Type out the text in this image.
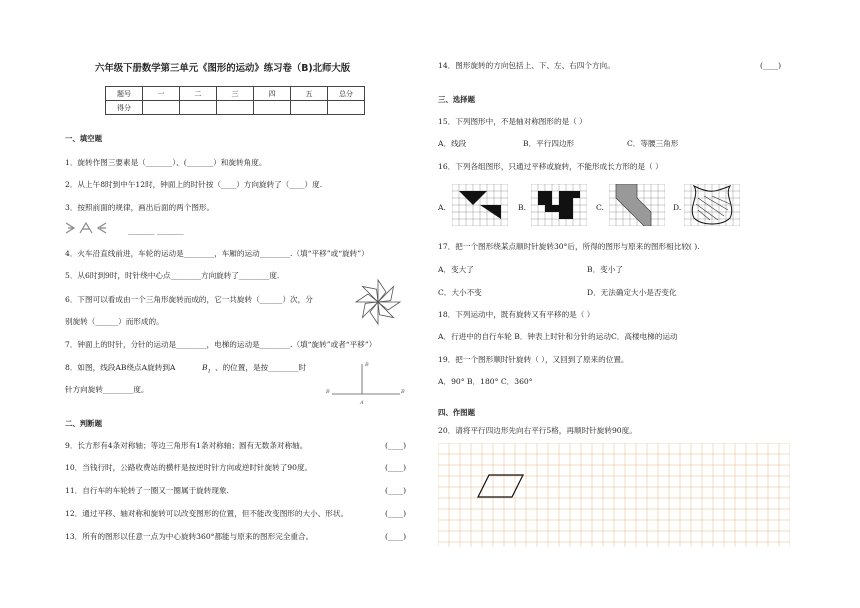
六年级下册数学第三单元《图形的运动》练习卷（B)北师大版
题号	一	二	三	四	五	总分
得分						
一、填空题
1．旋转作图三要素是（_______）、(_______）和旋转角度。
2．从上午8时到中午12时，钟面上的时针按（____）方向旋转了（____）度.
3．按照前面的规律，画出后面的两个图形。
_______ _______
4．火车沿直线前进，车轮的运动是________，车厢的运动________.（填“平移”或“旋转”）
5．从6时到9时，时针绕中心点________方向旋转了________度.
6．下图可以看成由一个三角形旋转而成的，它一共旋转（______）次，分
别旋转（______）而形成的。
7．钟面上的时针，分针的运动是________，电梯的运动是________.（填“旋转”或者“平移”）
8．如图，线段AB绕点A旋转到A	$B_1$ 、的位置，是按________时
针方向旋转________度。
B
B	B
A
二、判断题
9．长方形有4条对称轴；等边三角形有1条对称轴；圆有无数条对称轴。	(____)
10．当钱行时，公路收费站的横杆是按逆时针方向或逆时针旋转了90度。	(____)
11．自行车的车轮转了一圈又一圈属于旋转现象.	(____)
12．通过平移、轴对称和旋转可以改变图形的位置，但不能改变图形的大小、形状。	(____)
13．所有的图形以任意一点为中心旋转360°都能与原来的图形完全重合。	(____)
14．图形旋转的方向包括上、下、左、右四个方向。	(____)
三、选择题
15．下列图形中，不是轴对称图形的是（ ）
A．线段	B．平行四边形	C．等腰三角形
16．下列各组图形，只通过平移或旋转，不能形成长方形的是（ ）
A.	B.	C.	D.
17．把一个图形绕某点顺时针旋转30°后，所得的图形与原来的图形相比较( ).
A．变大了	B．变小了
C．大小不变	D．无法确定大小是否变化
18．下列运动中，既有旋转又有平移的是（ ）
A．行进中的自行车轮 B．钟表上时针和分针的运动C．高楼电梯的运动
19．把一个图形顺时针旋转（ ），又回到了原来的位置。
A．90° B．180° C．360°
四、作图题
20．请将平行四边形先向右平行5格，再顺时针旋转90度。
